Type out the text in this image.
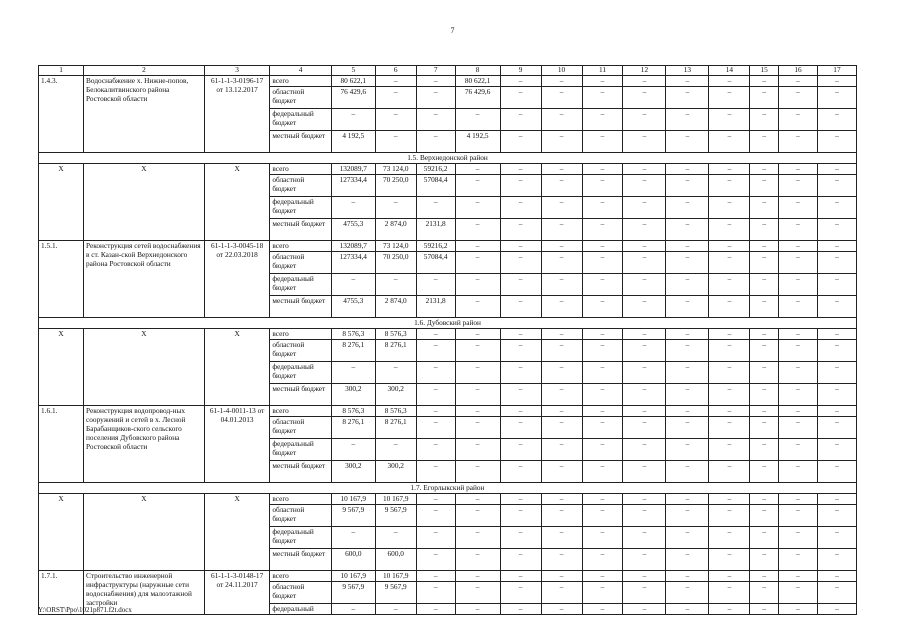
7
1	2	3	4	5	6	7	8	9	10	11	12	13	14	15	16	17
1.4.3.	Водоснабжение х. Нижне-попов, Белокалитвинского района Ростовской области	61-1-1-3-0196-17 от 13.12.2017	всего	80 622,1	–	–	80 622,1	–	–	–	–	–	–	–	–	–
			областной бюджет	76 429,6	–	–	76 429,6	–	–	–	–	–	–	–	–	–
			федеральный бюджет	–	–	–	–	–	–	–	–	–	–	–	–	–
			местный бюджет	4 192,5	–	–	4 192,5	–	–	–	–	–	–	–	–	–
1.5. Верхнедонской район																
X	X	X	всего	132089,7	73 124,0	59216,2	–	–	–	–	–	–	–	–	–	–
			областной бюджет	127334,4	70 250,0	57084,4	–	–	–	–	–	–	–	–	–	–
			федеральный бюджет	–	–	–	–	–	–	–	–	–	–	–	–	–
			местный бюджет	4755,3	2 874,0	2131,8	–	–	–	–	–	–	–	–	–	–
1.5.1.	Реконструкция сетей водоснабжения в ст. Казан-ской Верхнедонского района Ростовской области	61-1-1-3-0045-18 от 22.03.2018	всего	132089,7	73 124,0	59216,2	–	–	–	–	–	–	–	–	–	–
			областной бюджет	127334,4	70 250,0	57084,4	–	–	–	–	–	–	–	–	–	–
			федеральный бюджет	–	–	–	–	–	–	–	–	–	–	–	–	–
			местный бюджет	4755,3	2 874,0	2131,8	–	–	–	–	–	–	–	–	–	–
1.6. Дубовский район																
X	X	X	всего	8 576,3	8 576,3	–	–	–	–	–	–	–	–	–	–	–
			областной бюджет	8 276,1	8 276,1	–	–	–	–	–	–	–	–	–	–	–
			федеральный бюджет	–	–	–	–	–	–	–	–	–	–	–	–	–
			местный бюджет	300,2	300,2	–	–	–	–	–	–	–	–	–	–	–
1.6.1.	Реконструкция водопровод-ных сооружений и сетей в х. Лесной Барабанщиков-ского сельского поселения Дубовского района Ростовской области	61-1-4-0011-13 от 04.01.2013	всего	8 576,3	8 576,3	–	–	–	–	–	–	–	–	–	–	–
			областной бюджет	8 276,1	8 276,1	–	–	–	–	–	–	–	–	–	–	–
			федеральный бюджет	–	–	–	–	–	–	–	–	–	–	–	–	–
			местный бюджет	300,2	300,2	–	–	–	–	–	–	–	–	–	–	–
1.7. Егорлыкский район																
X	X	X	всего	10 167,9	10 167,9	–	–	–	–	–	–	–	–	–	–	–
			областной бюджет	9 567,9	9 567,9	–	–	–	–	–	–	–	–	–	–	–
			федеральный бюджет	–	–	–	–	–	–	–	–	–	–	–	–	–
			местный бюджет	600,0	600,0	–	–	–	–	–	–	–	–	–	–	–
1.7.1.	Строительство инженерной инфраструктуры (наружные сети водоснабжения) для малоэтажной застройки	61-1-1-3-0148-17 от 24.11.2017	всего	10 167,9	10 167,9	–	–	–	–	–	–	–	–	–	–	–
			областной бюджет	9 567,9	9 567,9	–	–	–	–	–	–	–	–	–	–	–
			федеральный	–	–	–	–	–	–	–	–	–	–	–	–	–
Y:\ORST\Ppo\1021p871.f2t.docx
